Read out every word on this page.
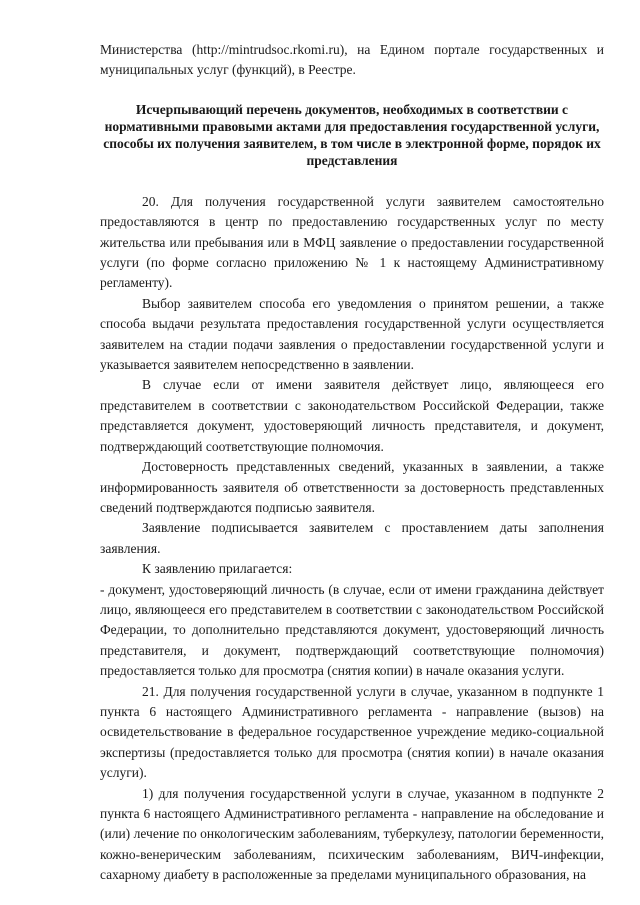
Министерства (http://mintrudsoc.rkomi.ru), на Едином портале государственных и муниципальных услуг (функций), в Реестре.

Исчерпывающий перечень документов, необходимых в соответствии с нормативными правовыми актами для предоставления государственной услуги, способы их получения заявителем, в том числе в электронной форме, порядок их представления

20. Для получения государственной услуги заявителем самостоятельно предоставляются в центр по предоставлению государственных услуг по месту жительства или пребывания или в МФЦ заявление о предоставлении государственной услуги (по форме согласно приложению № 1 к настоящему Административному регламенту).

Выбор заявителем способа его уведомления о принятом решении, а также способа выдачи результата предоставления государственной услуги осуществляется заявителем на стадии подачи заявления о предоставлении государственной услуги и указывается заявителем непосредственно в заявлении.

В случае если от имени заявителя действует лицо, являющееся его представителем в соответствии с законодательством Российской Федерации, также представляется документ, удостоверяющий личность представителя, и документ, подтверждающий соответствующие полномочия.

Достоверность представленных сведений, указанных в заявлении, а также информированность заявителя об ответственности за достоверность представленных сведений подтверждаются подписью заявителя.

Заявление подписывается заявителем с проставлением даты заполнения заявления.

К заявлению прилагается:

- документ, удостоверяющий личность (в случае, если от имени гражданина действует лицо, являющееся его представителем в соответствии с законодательством Российской Федерации, то дополнительно представляются документ, удостоверяющий личность представителя, и документ, подтверждающий соответствующие полномочия) предоставляется только для просмотра (снятия копии) в начале оказания услуги.

21. Для получения государственной услуги в случае, указанном в подпункте 1 пункта 6 настоящего Административного регламента - направление (вызов) на освидетельствование в федеральное государственное учреждение медико-социальной экспертизы (предоставляется только для просмотра (снятия копии) в начале оказания услуги).

1) для получения государственной услуги в случае, указанном в подпункте 2 пункта 6 настоящего Административного регламента - направление на обследование и (или) лечение по онкологическим заболеваниям, туберкулезу, патологии беременности, кожно-венерическим заболеваниям, психическим заболеваниям, ВИЧ-инфекции, сахарному диабету в расположенные за пределами муниципального образования, на
